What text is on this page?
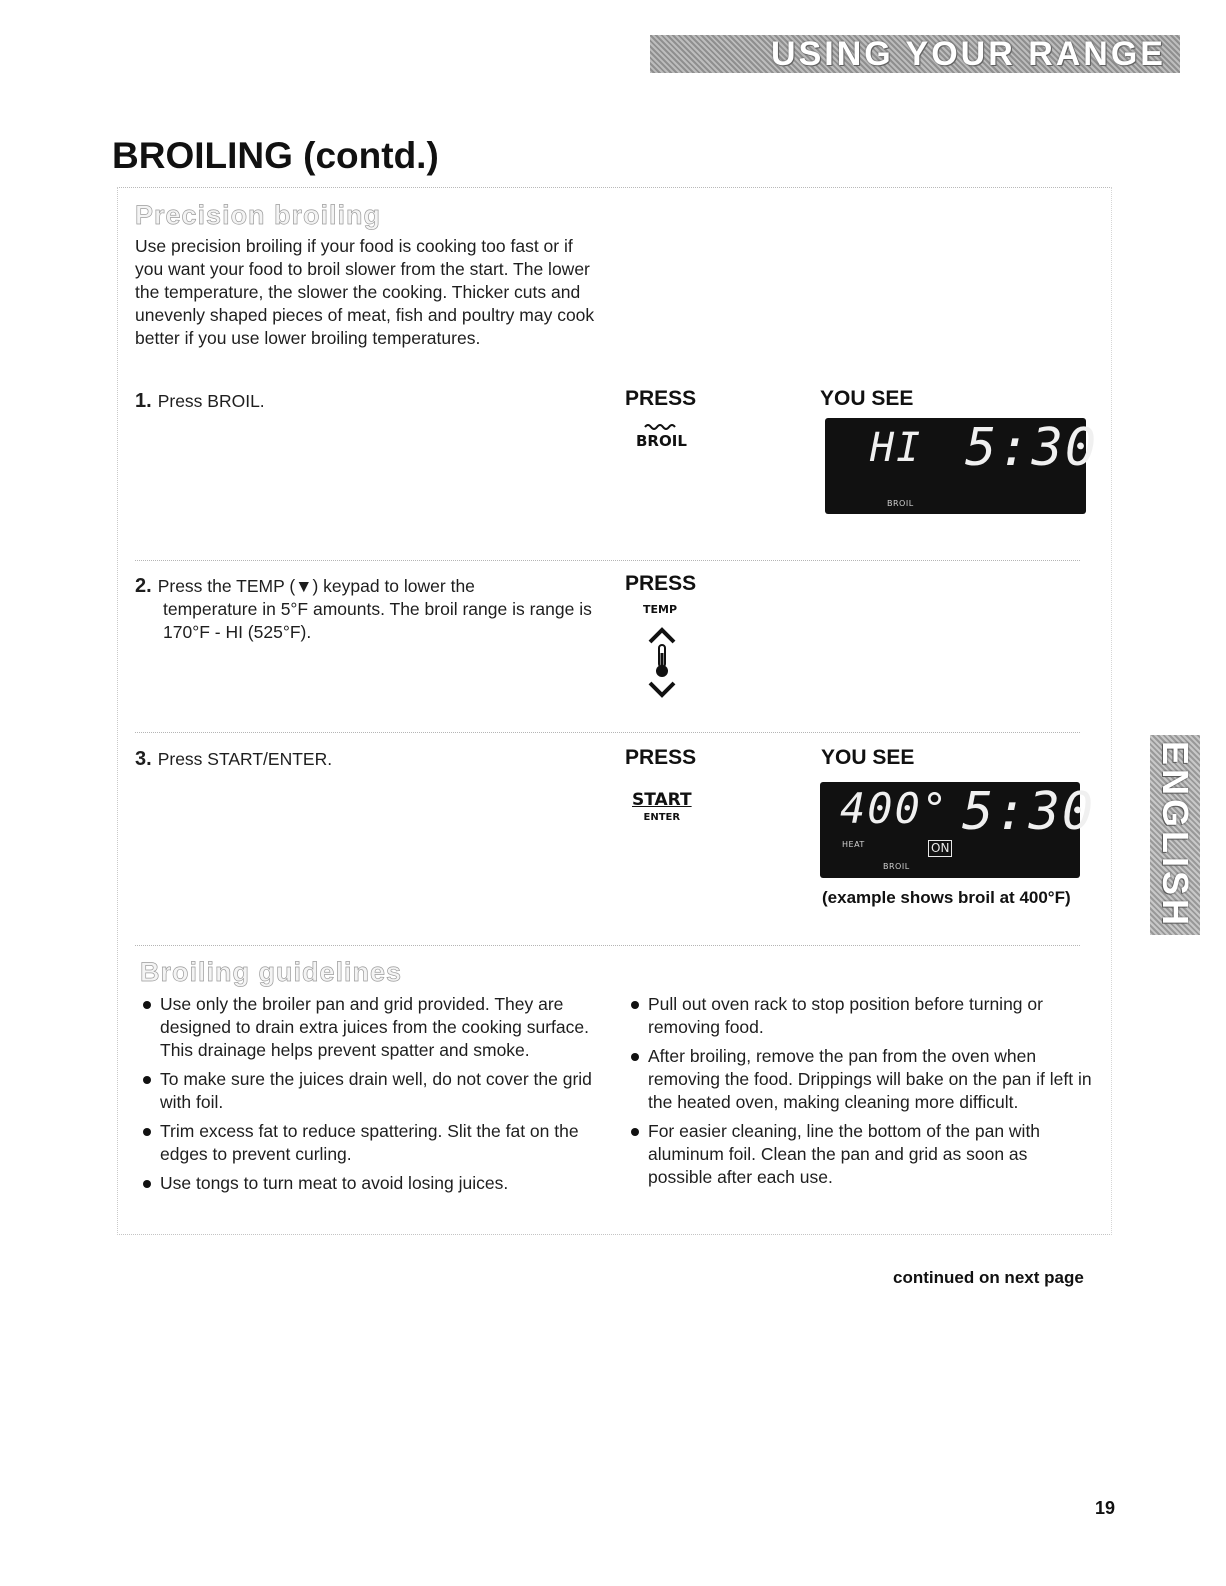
USING YOUR RANGE
ENGLISH
BROILING (contd.)
Precision broiling
Use precision broiling if your food is cooking too fast or if you want your food to broil slower from the start. The lower the temperature, the slower the cooking. Thicker cuts and unevenly shaped pieces of meat, fish and poultry may cook better if you use lower broiling temperatures.
1. Press BROIL.	PRESS
BROIL
YOU SEE
HI 5:30
BROIL
2. Press the TEMP (▼) keypad to lower the
temperature in 5°F amounts. The broil range is range is 170°F - HI (525°F).
PRESS
TEMP
3. Press START/ENTER.	PRESS
START
ENTER
YOU SEE
400° 5:30
HEAT	ON
BROIL
(example shows broil at 400°F)
Broiling guidelines
Use only the broiler pan and grid provided. They are designed to drain extra juices from the cooking surface. This drainage helps prevent spatter and smoke.
To make sure the juices drain well, do not cover the grid with foil.
Trim excess fat to reduce spattering. Slit the fat on the edges to prevent curling.
Use tongs to turn meat to avoid losing juices.
Pull out oven rack to stop position before turning or removing food.
After broiling, remove the pan from the oven when removing the food. Drippings will bake on the pan if left in the heated oven, making cleaning more difficult.
For easier cleaning, line the bottom of the pan with aluminum foil. Clean the pan and grid as soon as possible after each use.
continued on next page
19
